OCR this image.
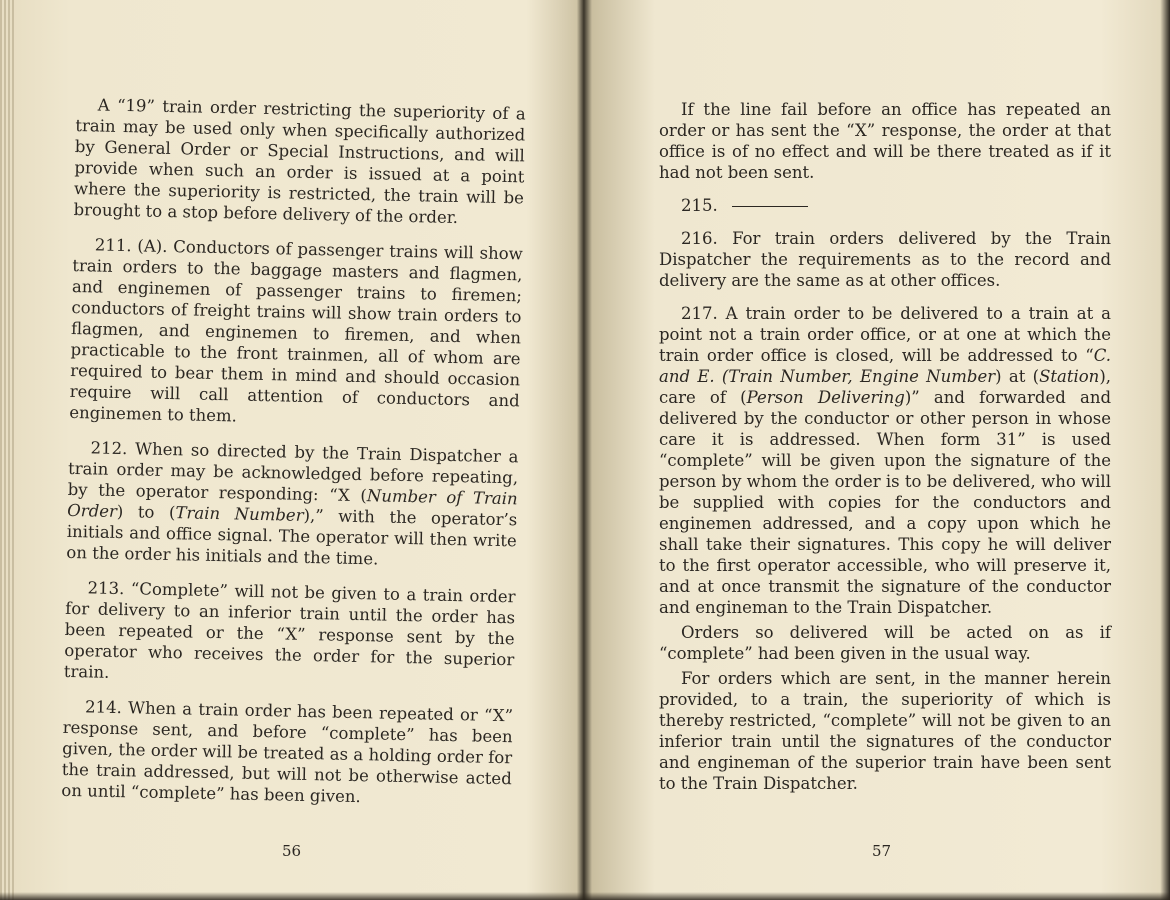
A “19” train order restricting the superiority of a train may be used only when specifically authorized by General Order or Special Instructions, and will provide when such an order is issued at a point where the superiority is restricted, the train will be brought to a stop before delivery of the order.

211. (A). Conductors of passenger trains will show train orders to the baggage masters and flagmen, and enginemen of passenger trains to firemen; conductors of freight trains will show train orders to flagmen, and enginemen to firemen, and when practicable to the front trainmen, all of whom are required to bear them in mind and should occasion require will call attention of conductors and enginemen to them.

212. When so directed by the Train Dispatcher a train order may be acknowledged before repeating, by the operator responding: “X (Number of Train Order) to (Train Number),” with the operator’s initials and office signal. The operator will then write on the order his initials and the time.

213. “Complete” will not be given to a train order for delivery to an inferior train until the order has been repeated or the “X” response sent by the operator who receives the order for the superior train.

214. When a train order has been repeated or “X” response sent, and before “complete” has been given, the order will be treated as a holding order for the train addressed, but will not be otherwise acted on until “complete” has been given.

56

If the line fail before an office has repeated an order or has sent the “X” response, the order at that office is of no effect and will be there treated as if it had not been sent.

215.

216. For train orders delivered by the Train Dispatcher the requirements as to the record and delivery are the same as at other offices.

217. A train order to be delivered to a train at a point not a train order office, or at one at which the train order office is closed, will be addressed to “C. and E. (Train Number, Engine Number) at (Station), care of (Person Delivering)” and forwarded and delivered by the conductor or other person in whose care it is addressed. When form 31” is used “complete” will be given upon the signature of the person by whom the order is to be delivered, who will be supplied with copies for the conductors and enginemen addressed, and a copy upon which he shall take their signatures. This copy he will deliver to the first operator accessible, who will preserve it, and at once transmit the signature of the conductor and engineman to the Train Dispatcher.

Orders so delivered will be acted on as if “complete” had been given in the usual way.

For orders which are sent, in the manner herein provided, to a train, the superiority of which is thereby restricted, “complete” will not be given to an inferior train until the signatures of the conductor and engineman of the superior train have been sent to the Train Dispatcher.

57
